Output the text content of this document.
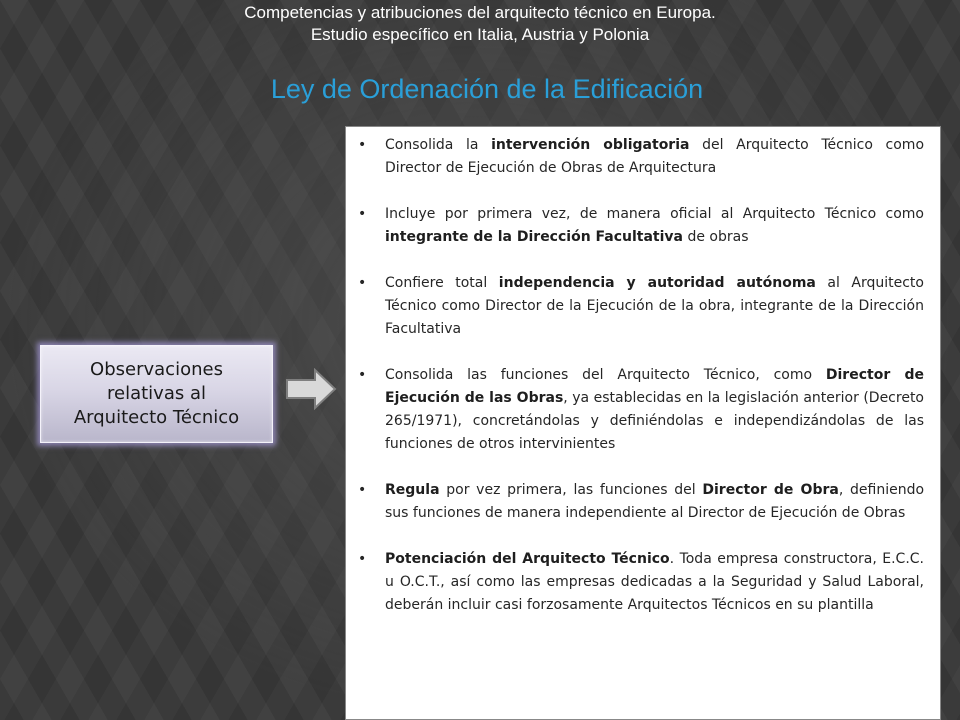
Competencias y atribuciones del arquitecto técnico en Europa.
Estudio específico en Italia, Austria y Polonia
Ley de Ordenación de la Edificación
Observaciones
relativas al
Arquitecto Técnico
• Consolida la intervención obligatoria del Arquitecto Técnico como Director de Ejecución de Obras de Arquitectura
• Incluye por primera vez, de manera oficial al Arquitecto Técnico como integrante de la Dirección Facultativa de obras
• Confiere total independencia y autoridad autónoma al Arquitecto Técnico como Director de la Ejecución de la obra, integrante de la Dirección Facultativa
• Consolida las funciones del Arquitecto Técnico, como Director de Ejecución de las Obras, ya establecidas en la legislación anterior (Decreto 265/1971), concretándolas y definiéndolas e independizándolas de las funciones de otros intervinientes
• Regula por vez primera, las funciones del Director de Obra, definiendo sus funciones de manera independiente al Director de Ejecución de Obras
• Potenciación del Arquitecto Técnico. Toda empresa constructora, E.C.C. u O.C.T., así como las empresas dedicadas a la Seguridad y Salud Laboral, deberán incluir casi forzosamente Arquitectos Técnicos en su plantilla
